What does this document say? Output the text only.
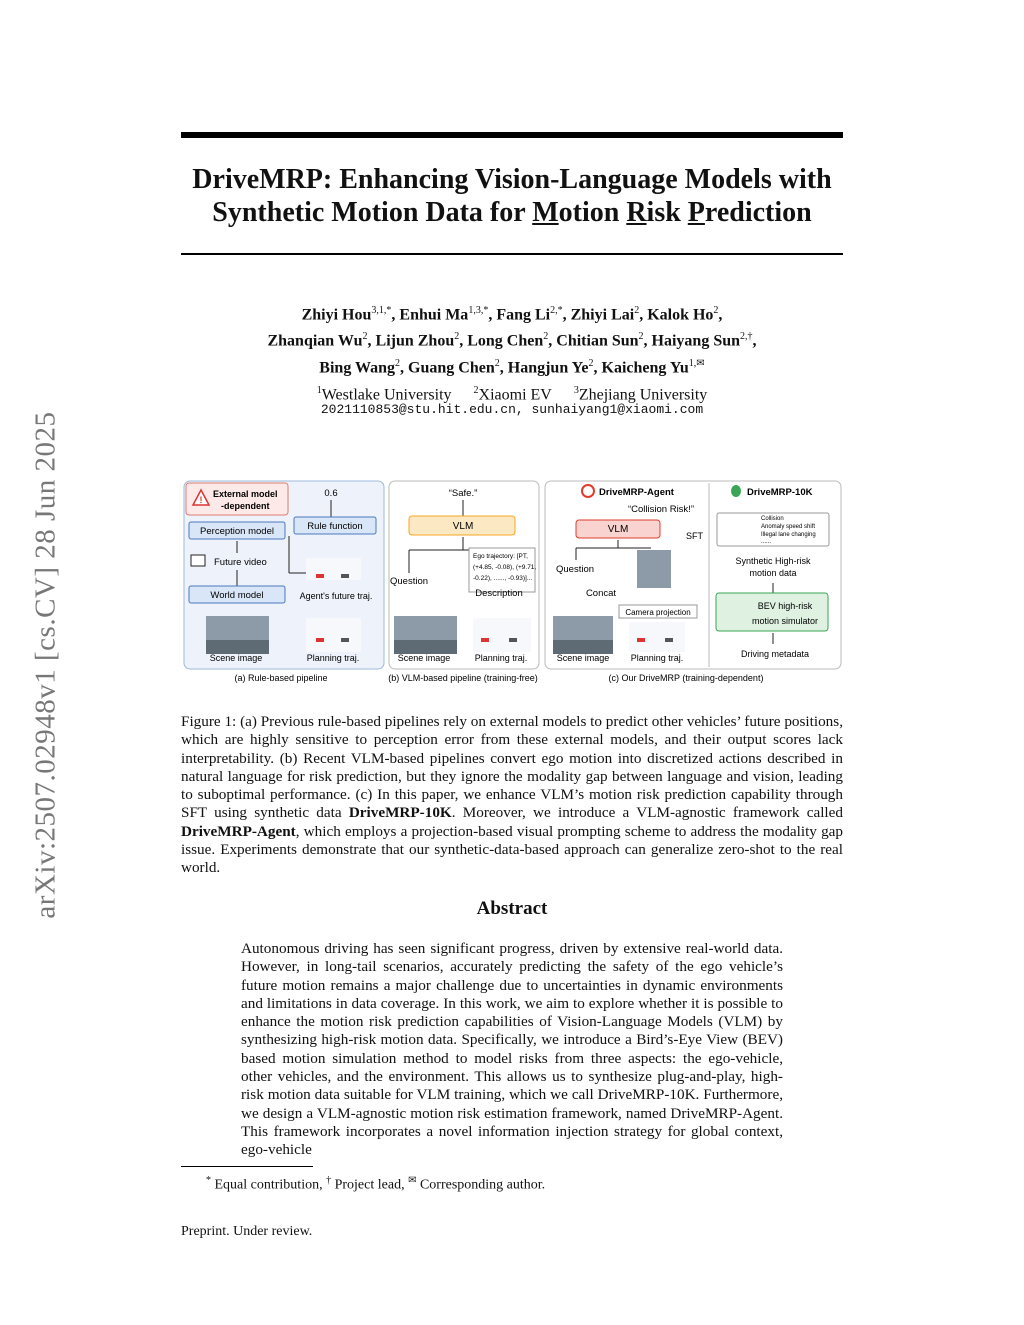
arXiv:2507.02948v1 [cs.CV] 28 Jun 2025
DriveMRP: Enhancing Vision-Language Models with
Synthetic Motion Data for Motion Risk Prediction
Zhiyi Hou$^{3,1,*}$, Enhui $Ma^{1,3,*}$, Fang $Li^{2,*}$, Zhiyi Lai$^2$, Kalok Ho$^2$,
Zhanqian Wu$^2$, Lijun Zhou$^2$, Long Chen$^2$, Chitian Sun$^2$, Haiyang Sun$^{2,\dagger}$,
Bing Wang$^2$, Guang Chen$^2$, Hangjun Ye$^2$, Kaicheng $Yu^{1,✉}$
$^1$Westlake University $^2$Xiaomi EV $^3$Zhejiang University
2021110853@stu.hit.edu.cn, sunhaiyang1@xiaomi.com
!
External model
-dependent
0.6
Perception model	Rule function
Future video
World model	Agent's future traj.
Scene image	Planning traj.
(a) Rule-based pipeline
“Safe.”
VLM
Ego trajectory: [PT,
(+4.85, -0.08), (+9.71,
-0.22), ......, -0.93)]...
Question
Description
Scene image	Planning traj.
(b) VLM-based pipeline (training-free)
DriveMRP-Agent
“Collision Risk!”
VLM
SFT
Question
Concat
Camera projection
Scene image Planning traj.
DriveMRP-10K
Collision
Anomaly speed shift
Illegal lane changing
......
Synthetic High-risk
motion data
BEV high-risk
motion simulator
Driving metadata
(c) Our DriveMRP (training-dependent)
Figure 1: (a) Previous rule-based pipelines rely on external models to predict other vehicles’ future positions, which are highly sensitive to perception error from these external models, and their output scores lack interpretability. (b) Recent VLM-based pipelines convert ego motion into discretized actions described in natural language for risk prediction, but they ignore the modality gap between language and vision, leading to suboptimal performance. (c) In this paper, we enhance VLM’s motion risk prediction capability through SFT using synthetic data DriveMRP-10K. Moreover, we introduce a VLM-agnostic framework called DriveMRP-Agent, which employs a projection-based visual prompting scheme to address the modality gap issue. Experiments demonstrate that our synthetic-data-based approach can generalize zero-shot to the real world.
Abstract
Autonomous driving has seen significant progress, driven by extensive real-world data. However, in long-tail scenarios, accurately predicting the safety of the ego vehicle’s future motion remains a major challenge due to uncertainties in dynamic environments and limitations in data coverage. In this work, we aim to explore whether it is possible to enhance the motion risk prediction capabilities of Vision-Language Models (VLM) by synthesizing high-risk motion data. Specifically, we introduce a Bird’s-Eye View (BEV) based motion simulation method to model risks from three aspects: the ego-vehicle, other vehicles, and the environment. This allows us to synthesize plug-and-play, high-risk motion data suitable for VLM training, which we call DriveMRP-10K. Furthermore, we design a VLM-agnostic motion risk estimation framework, named DriveMRP-Agent. This framework incorporates a novel information injection strategy for global context, ego-vehicle
* Equal contribution, † Project lead, ✉ Corresponding author.
Preprint. Under review.
